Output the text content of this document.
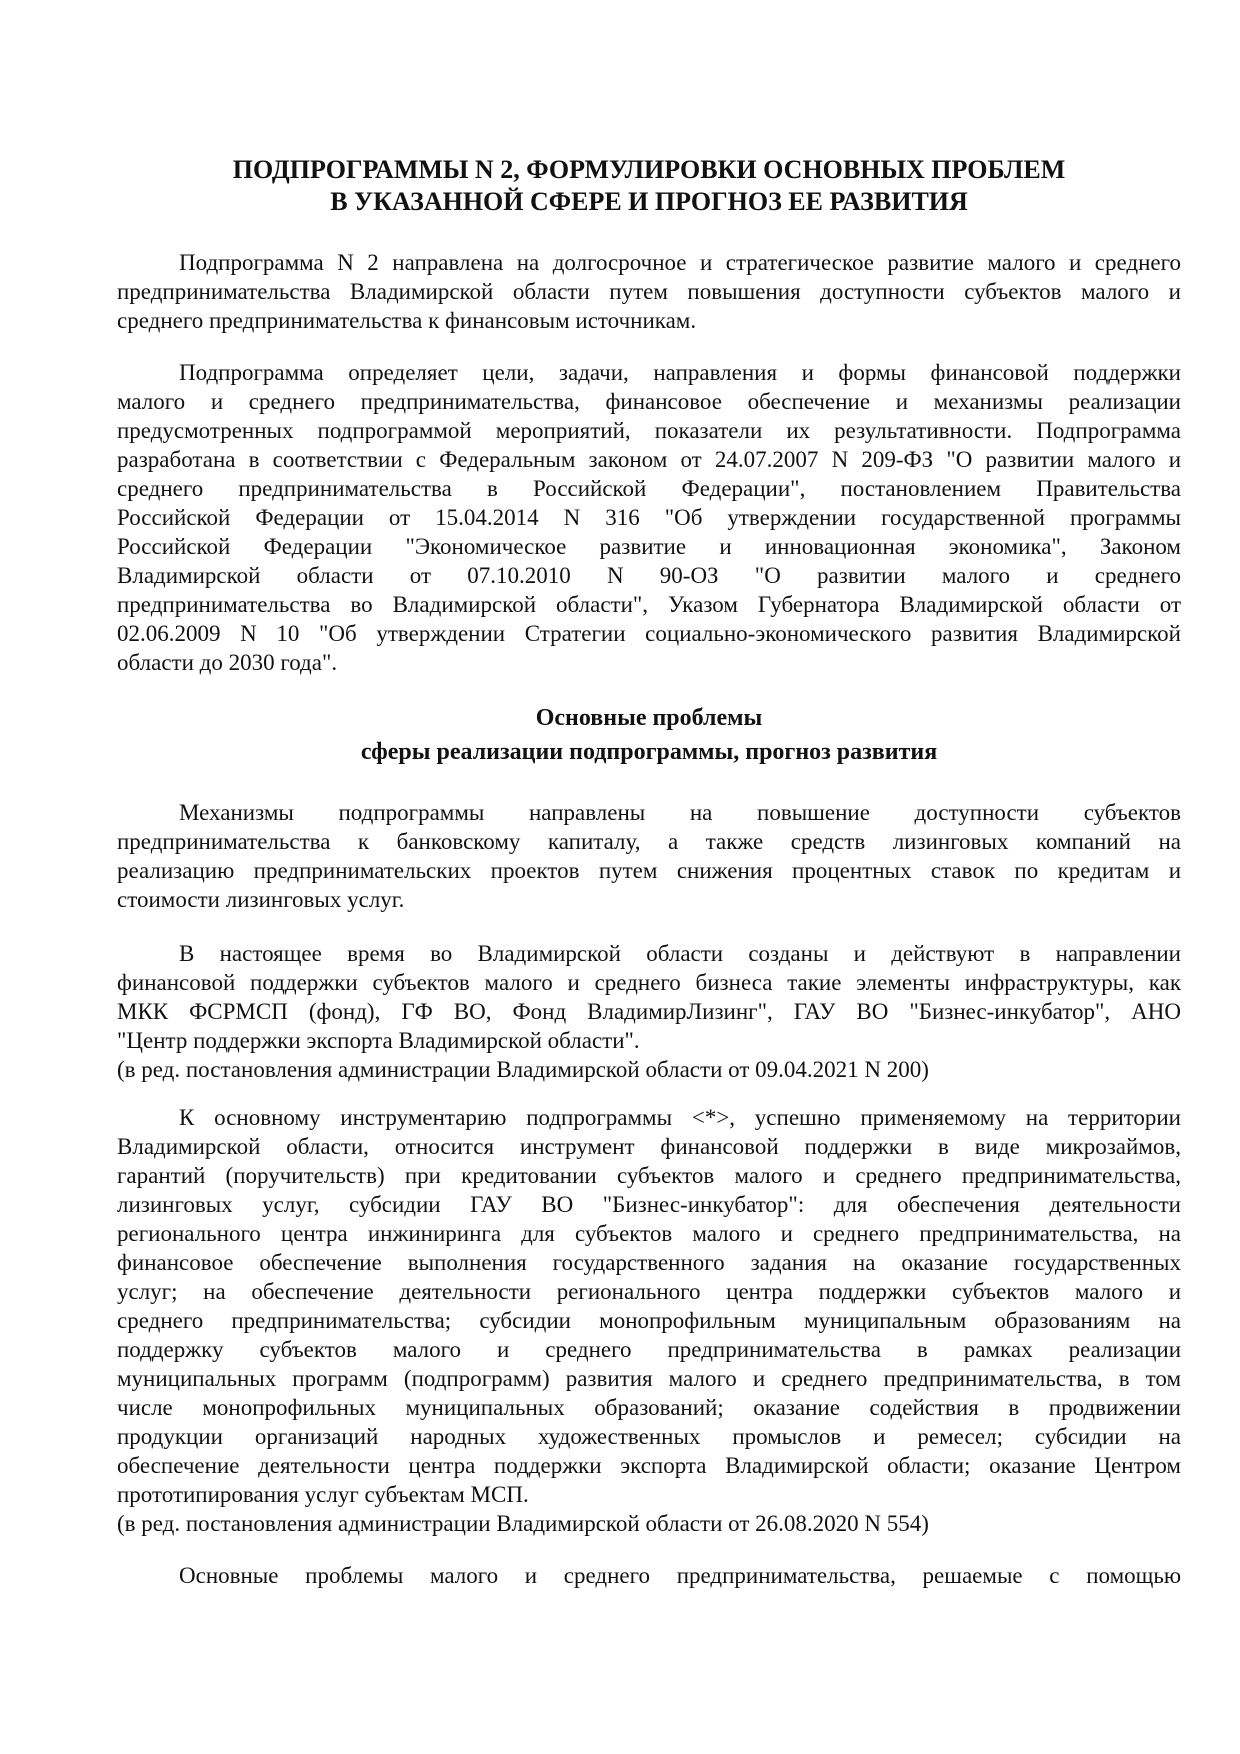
ПОДПРОГРАММЫ N 2, ФОРМУЛИРОВКИ ОСНОВНЫХ ПРОБЛЕМ
В УКАЗАННОЙ СФЕРЕ И ПРОГНОЗ ЕЕ РАЗВИТИЯ
Подпрограмма N 2 направлена на долгосрочное и стратегическое развитие малого и среднего
предпринимательства Владимирской области путем повышения доступности субъектов малого и
среднего предпринимательства к финансовым источникам.
Подпрограмма определяет цели, задачи, направления и формы финансовой поддержки
малого и среднего предпринимательства, финансовое обеспечение и механизмы реализации
предусмотренных подпрограммой мероприятий, показатели их результативности. Подпрограмма
разработана в соответствии с Федеральным законом от 24.07.2007 N 209-ФЗ "О развитии малого и
среднего предпринимательства в Российской Федерации", постановлением Правительства
Российской Федерации от 15.04.2014 N 316 "Об утверждении государственной программы
Российской Федерации "Экономическое развитие и инновационная экономика", Законом
Владимирской области от 07.10.2010 N 90-ОЗ "О развитии малого и среднего
предпринимательства во Владимирской области", Указом Губернатора Владимирской области от
02.06.2009 N 10 "Об утверждении Стратегии социально-экономического развития Владимирской
области до 2030 года".
Основные проблемы
сферы реализации подпрограммы, прогноз развития
Механизмы подпрограммы направлены на повышение доступности субъектов
предпринимательства к банковскому капиталу, а также средств лизинговых компаний на
реализацию предпринимательских проектов путем снижения процентных ставок по кредитам и
стоимости лизинговых услуг.
В настоящее время во Владимирской области созданы и действуют в направлении
финансовой поддержки субъектов малого и среднего бизнеса такие элементы инфраструктуры, как
МКК ФСРМСП (фонд), ГФ ВО, Фонд ВладимирЛизинг", ГАУ ВО "Бизнес-инкубатор", АНО
"Центр поддержки экспорта Владимирской области".
(в ред. постановления администрации Владимирской области от 09.04.2021 N 200)
К основному инструментарию подпрограммы <*>, успешно применяемому на территории
Владимирской области, относится инструмент финансовой поддержки в виде микрозаймов,
гарантий (поручительств) при кредитовании субъектов малого и среднего предпринимательства,
лизинговых услуг, субсидии ГАУ ВО "Бизнес-инкубатор": для обеспечения деятельности
регионального центра инжиниринга для субъектов малого и среднего предпринимательства, на
финансовое обеспечение выполнения государственного задания на оказание государственных
услуг; на обеспечение деятельности регионального центра поддержки субъектов малого и
среднего предпринимательства; субсидии монопрофильным муниципальным образованиям на
поддержку субъектов малого и среднего предпринимательства в рамках реализации
муниципальных программ (подпрограмм) развития малого и среднего предпринимательства, в том
числе монопрофильных муниципальных образований; оказание содействия в продвижении
продукции организаций народных художественных промыслов и ремесел; субсидии на
обеспечение деятельности центра поддержки экспорта Владимирской области; оказание Центром
прототипирования услуг субъектам МСП.
(в ред. постановления администрации Владимирской области от 26.08.2020 N 554)
Основные проблемы малого и среднего предпринимательства, решаемые с помощью
